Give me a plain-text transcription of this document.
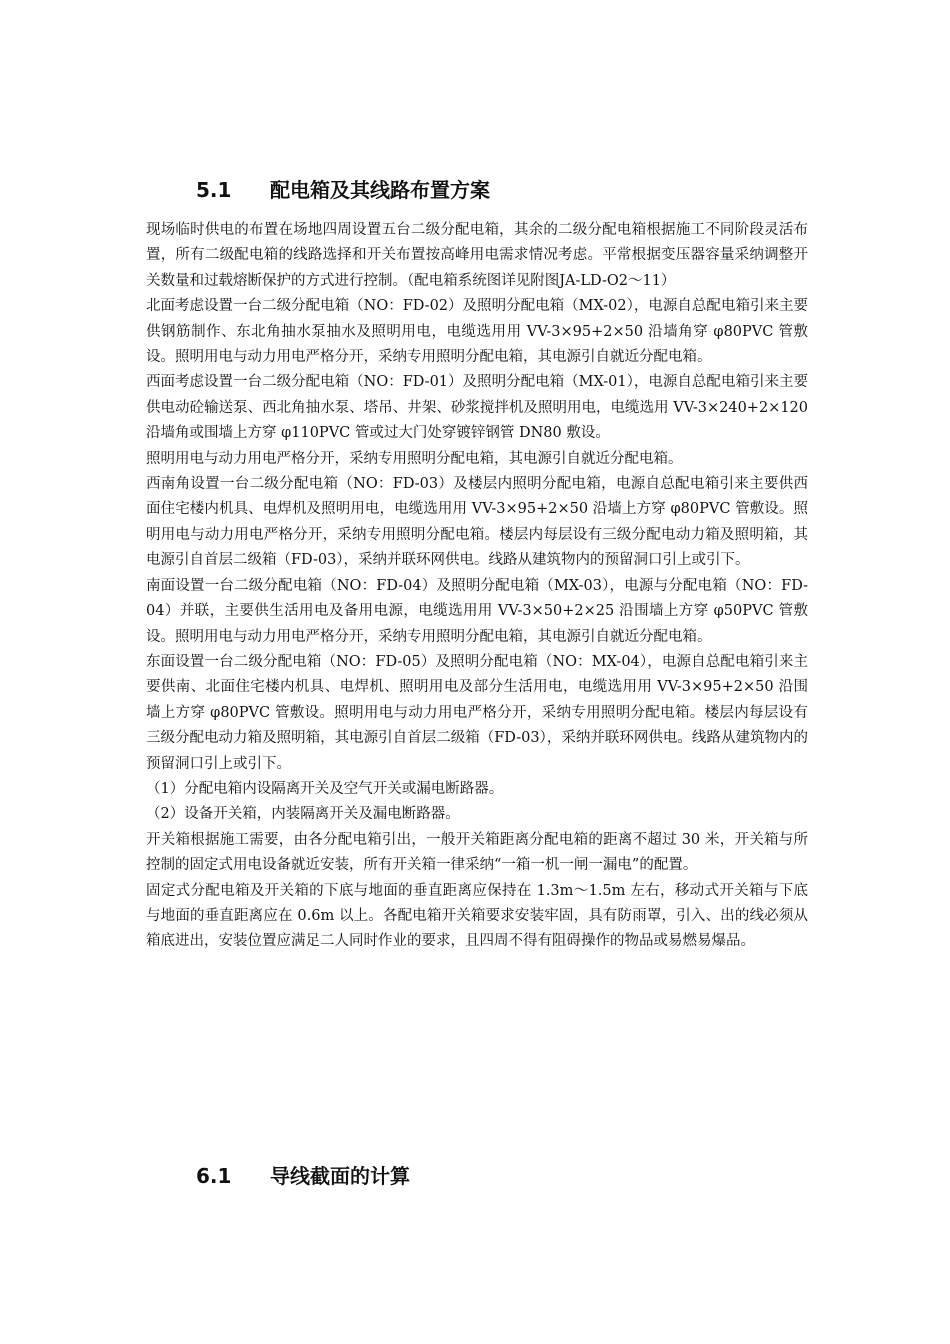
5.1 配电箱及其线路布置方案

现场临时供电的布置在场地四周设置五台二级分配电箱，其余的二级分配电箱根据施工不同阶段灵活布置，所有二级配电箱的线路选择和开关布置按高峰用电需求情况考虑。平常根据变压器容量采纳调整开关数量和过载熔断保护的方式进行控制。（配电箱系统图详见附图JA-LD-O2～11）

北面考虑设置一台二级分配电箱（NO：FD-02）及照明分配电箱（MX-02），电源自总配电箱引来主要供钢筋制作、东北角抽水泵抽水及照明用电，电缆选用用 VV-3×95+2×50 沿墙角穿 φ80PVC 管敷设。照明用电与动力用电严格分开，采纳专用照明分配电箱，其电源引自就近分配电箱。

西面考虑设置一台二级分配电箱（NO：FD-01）及照明分配电箱（MX-01），电源自总配电箱引来主要供电动砼输送泵、西北角抽水泵、塔吊、井架、砂浆搅拌机及照明用电，电缆选用 VV-3×240+2×120 沿墙角或围墙上方穿 φ110PVC 管或过大门处穿镀锌钢管 DN80 敷设。

照明用电与动力用电严格分开，采纳专用照明分配电箱，其电源引自就近分配电箱。

西南角设置一台二级分配电箱（NO：FD-03）及楼层内照明分配电箱，电源自总配电箱引来主要供西面住宅楼内机具、电焊机及照明用电，电缆选用用 VV-3×95+2×50 沿墙上方穿 φ80PVC 管敷设。照明用电与动力用电严格分开，采纳专用照明分配电箱。楼层内每层设有三级分配电动力箱及照明箱，其电源引自首层二级箱（FD-03），采纳并联环网供电。线路从建筑物内的预留洞口引上或引下。

南面设置一台二级分配电箱（NO：FD-04）及照明分配电箱（MX-03），电源与分配电箱（NO：FD-04）并联，主要供生活用电及备用电源，电缆选用用 VV-3×50+2×25 沿围墙上方穿 φ50PVC 管敷设。照明用电与动力用电严格分开，采纳专用照明分配电箱，其电源引自就近分配电箱。

东面设置一台二级分配电箱（NO：FD-05）及照明分配电箱（NO：MX-04），电源自总配电箱引来主要供南、北面住宅楼内机具、电焊机、照明用电及部分生活用电，电缆选用用 VV-3×95+2×50 沿围墙上方穿 φ80PVC 管敷设。照明用电与动力用电严格分开，采纳专用照明分配电箱。楼层内每层设有三级分配电动力箱及照明箱，其电源引自首层二级箱（FD-03），采纳并联环网供电。线路从建筑物内的预留洞口引上或引下。

（1）分配电箱内设隔离开关及空气开关或漏电断路器。

（2）设备开关箱，内装隔离开关及漏电断路器。

开关箱根据施工需要，由各分配电箱引出，一般开关箱距离分配电箱的距离不超过 30 米，开关箱与所控制的固定式用电设备就近安装，所有开关箱一律采纳“一箱一机一闸一漏电”的配置。

固定式分配电箱及开关箱的下底与地面的垂直距离应保持在 1.3m～1.5m 左右，移动式开关箱与下底与地面的垂直距离应在 0.6m 以上。各配电箱开关箱要求安装牢固，具有防雨罩，引入、出的线必须从箱底进出，安装位置应满足二人同时作业的要求，且四周不得有阻碍操作的物品或易燃易爆品。

6.1 导线截面的计算
